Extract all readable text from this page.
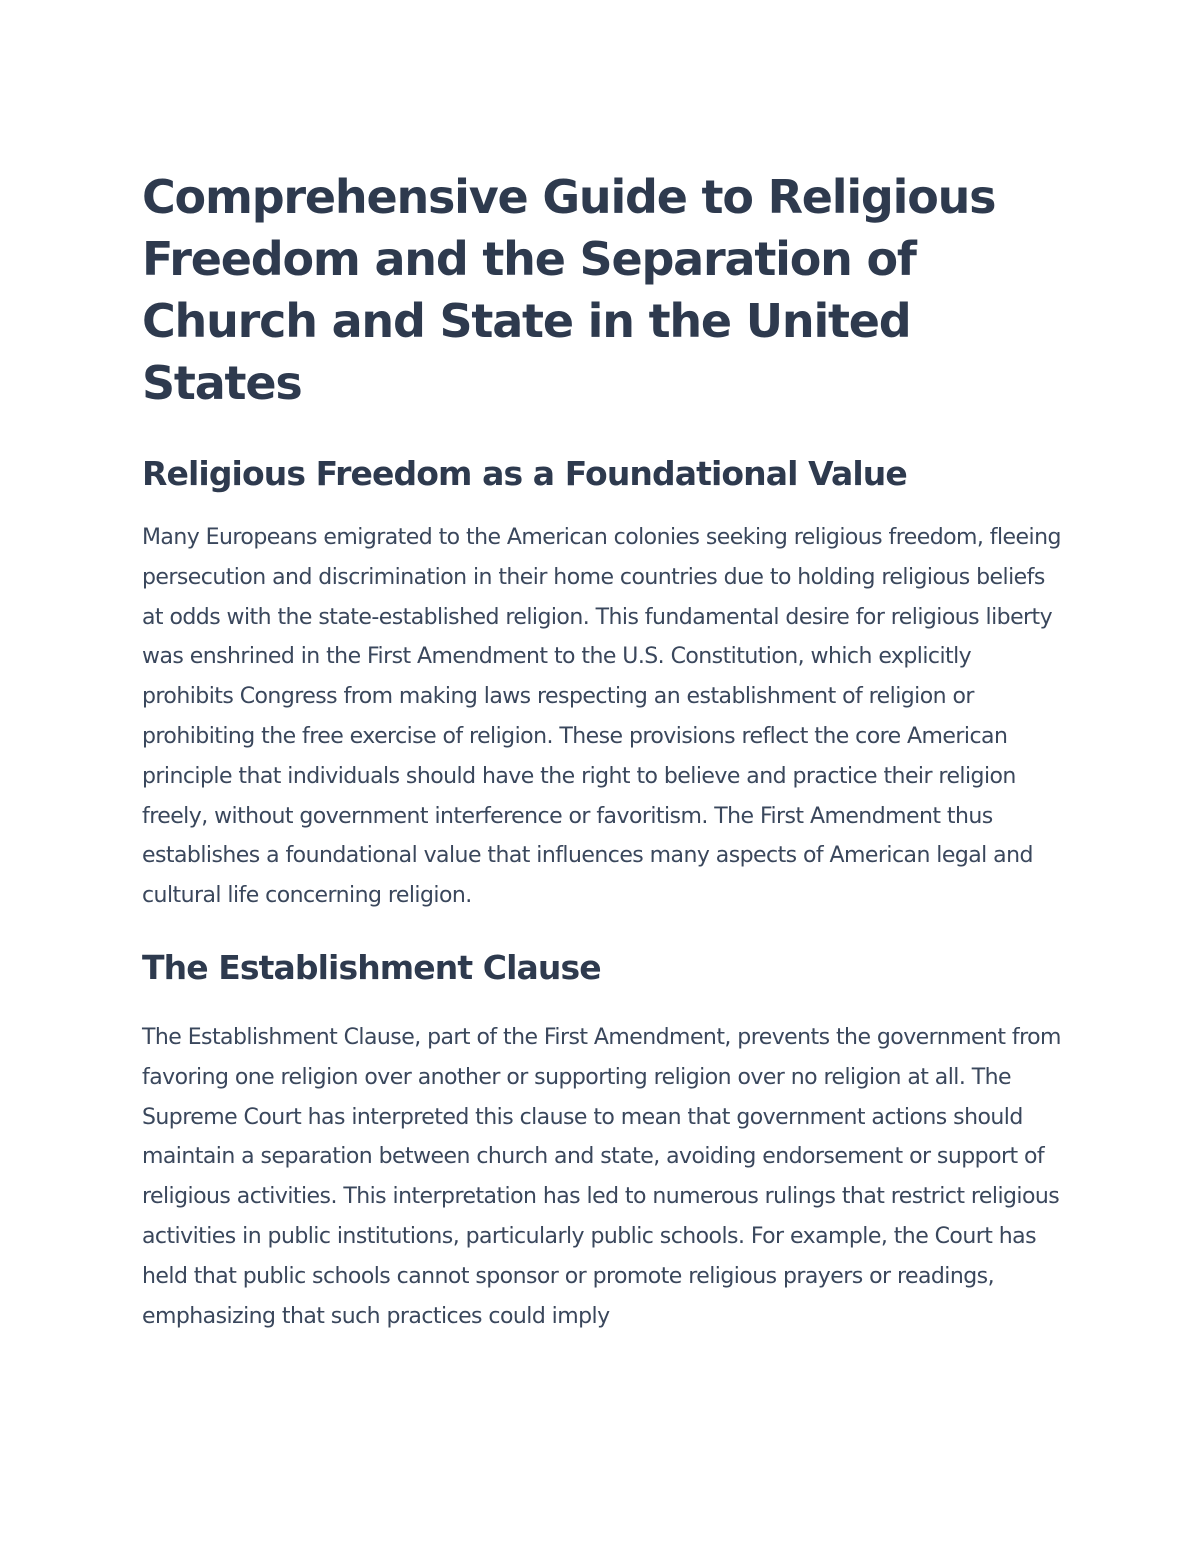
Comprehensive Guide to Religious Freedom and the Separation of Church and State in the United States
Religious Freedom as a Foundational Value

Many Europeans emigrated to the American colonies seeking religious freedom, fleeing persecution and discrimination in their home countries due to holding religious beliefs at odds with the state-established religion. This fundamental desire for religious liberty was enshrined in the First Amendment to the U.S. Constitution, which explicitly prohibits Congress from making laws respecting an establishment of religion or prohibiting the free exercise of religion. These provisions reflect the core American principle that individuals should have the right to believe and practice their religion freely, without government interference or favoritism. The First Amendment thus establishes a foundational value that influences many aspects of American legal and cultural life concerning religion.

The Establishment Clause

The Establishment Clause, part of the First Amendment, prevents the government from favoring one religion over another or supporting religion over no religion at all. The Supreme Court has interpreted this clause to mean that government actions should maintain a separation between church and state, avoiding endorsement or support of religious activities. This interpretation has led to numerous rulings that restrict religious activities in public institutions, particularly public schools. For example, the Court has held that public schools cannot sponsor or promote religious prayers or readings, emphasizing that such practices could imply
